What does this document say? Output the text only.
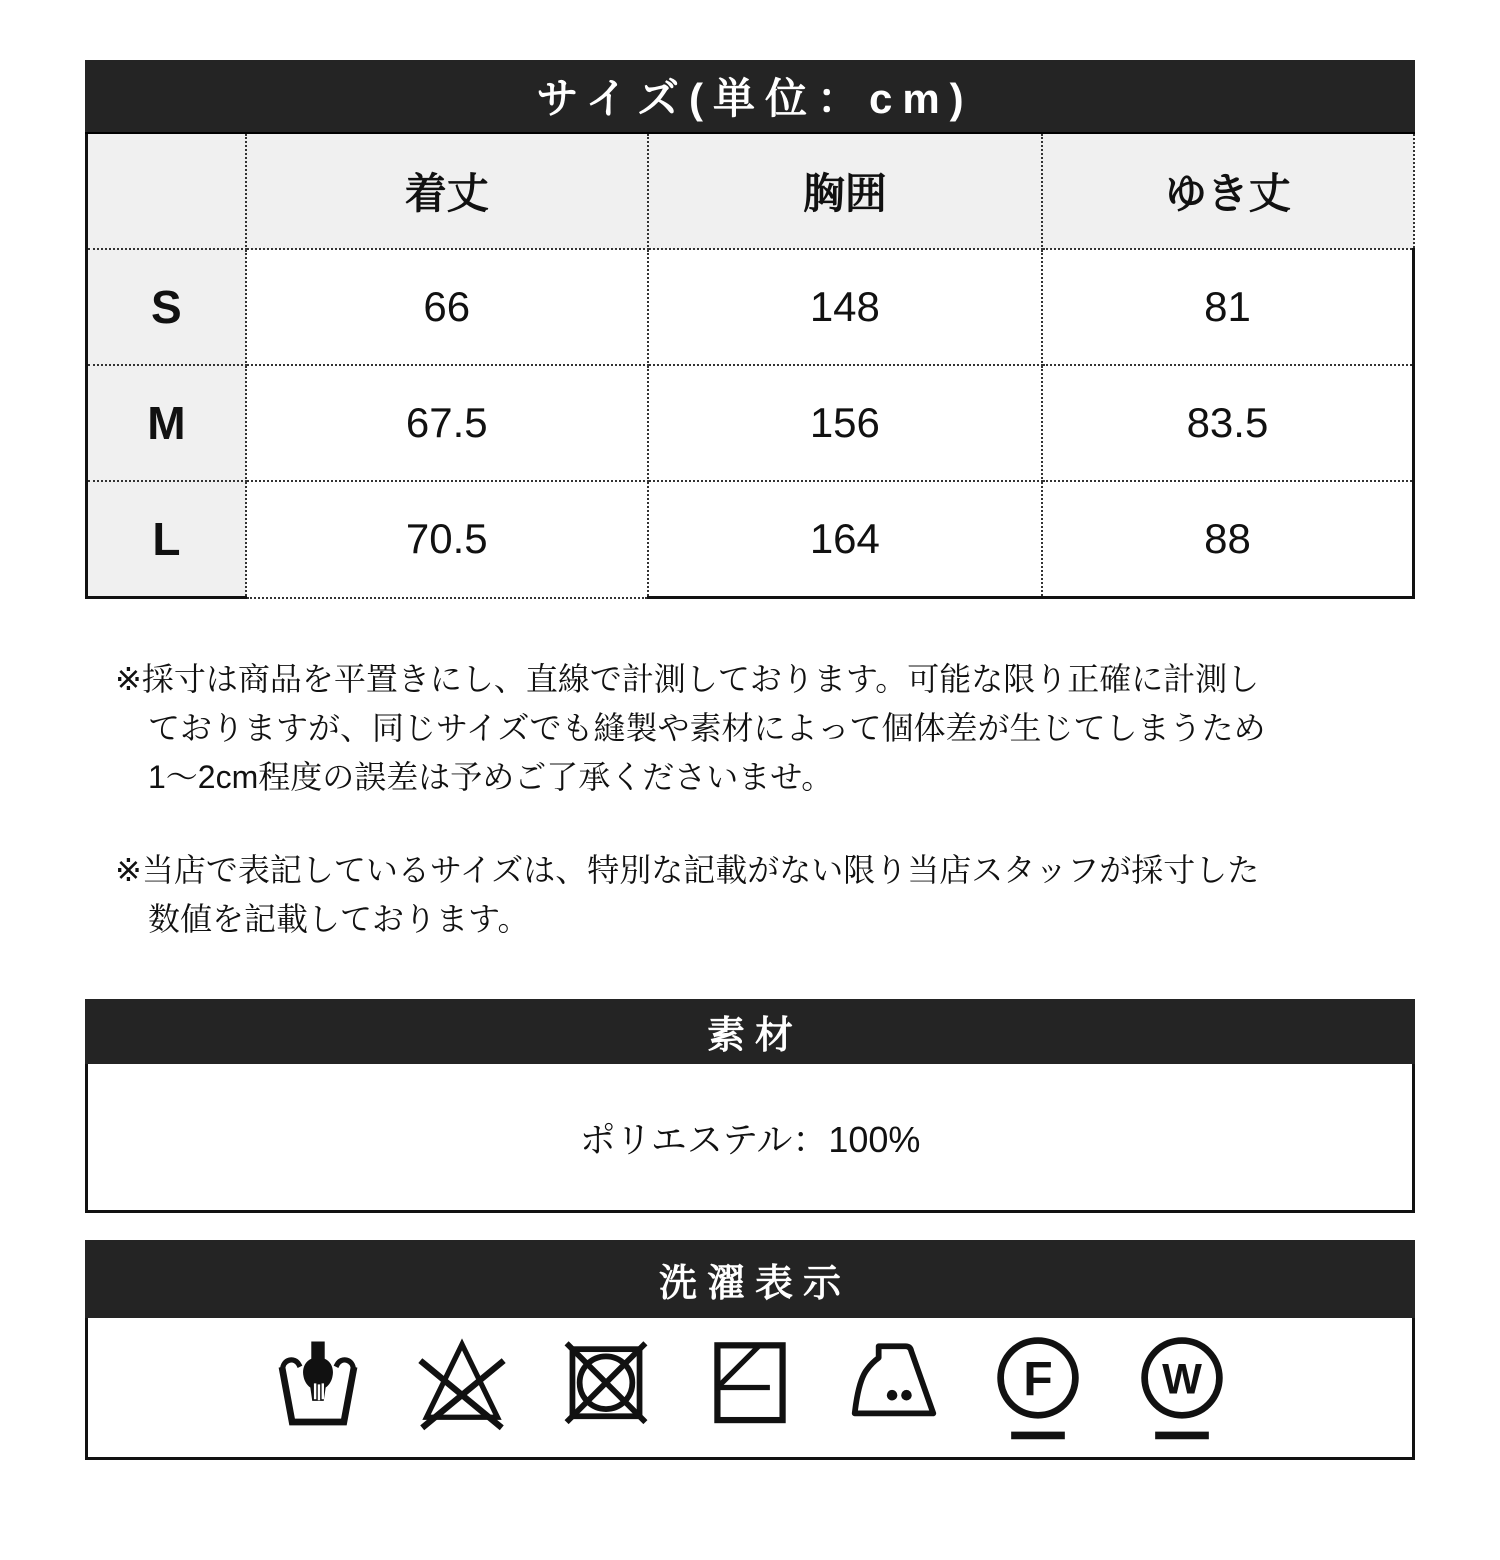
サイズ(単位：cm)
	着丈	胸囲	ゆき丈
S	66	148	81
M	67.5	156	83.5
L	70.5	164	88
※採寸は商品を平置きにし、直線で計測しております。可能な限り正確に計測し
ておりますが、同じサイズでも縫製や素材によって個体差が生じてしまうため
1〜2cm程度の誤差は予めご了承くださいませ。
※当店で表記しているサイズは、特別な記載がない限り当店スタッフが採寸した
数値を記載しております。
素材
ポリエステル：100%
洗濯表示
F W
